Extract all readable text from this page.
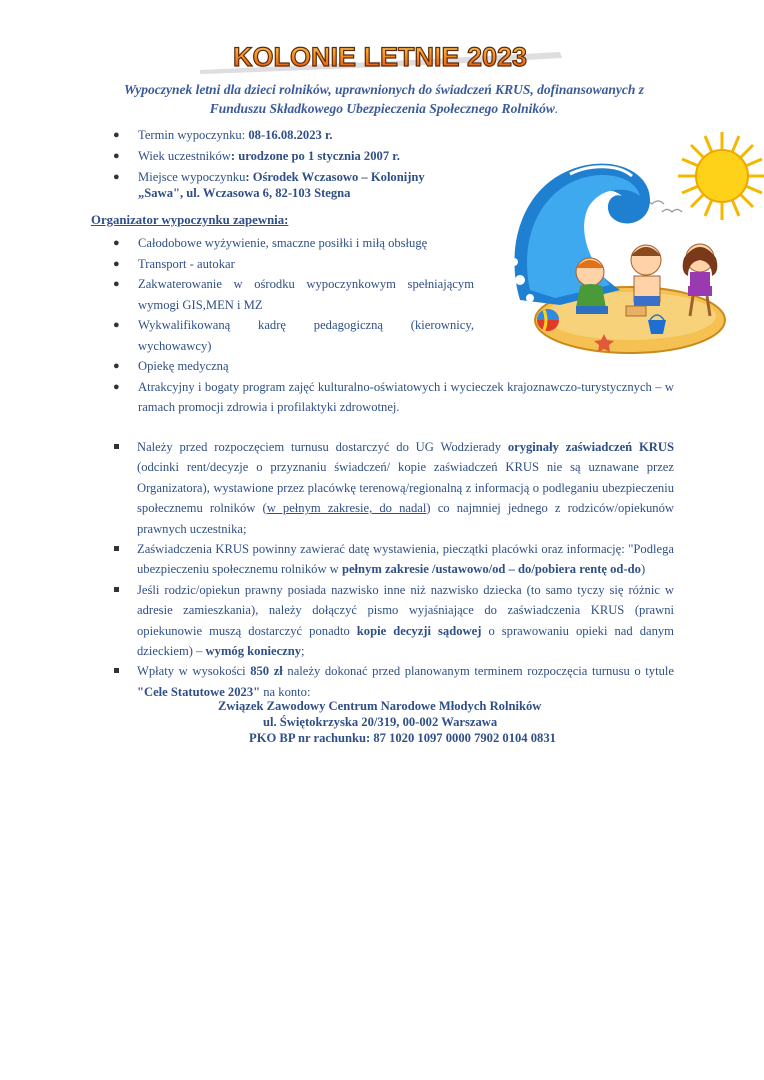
KOLONIE LETNIE 2023
Wypoczynek letni dla dzieci rolników, uprawnionych do świadczeń KRUS, dofinansowanych z Funduszu Składkowego Ubezpieczenia Społecznego Rolników.
● Termin wypoczynku: 08-16.08.2023 r.
● Wiek uczestników: urodzone po 1 stycznia 2007 r.
● Miejsce wypoczynku: Ośrodek Wczasowo – Kolonijny
„Sawa", ul. Wczasowa 6, 82-103 Stegna
Organizator wypoczynku zapewnia:
● Całodobowe wyżywienie, smaczne posiłki i miłą obsługę
● Transport - autokar
● Zakwaterowanie w ośrodku wypoczynkowym spełniającym wymogi GIS,MEN i MZ
● Wykwalifikowaną kadrę pedagogiczną (kierownicy, wychowawcy)
● Opiekę medyczną
● Atrakcyjny i bogaty program zajęć kulturalno-oświatowych i wycieczek krajoznawczo-turystycznych – w ramach promocji zdrowia i profilaktyki zdrowotnej.
Należy przed rozpoczęciem turnusu dostarczyć do UG Wodzierady oryginały zaświadczeń KRUS (odcinki rent/decyzje o przyznaniu świadczeń/ kopie zaświadczeń KRUS nie są uznawane przez Organizatora), wystawione przez placówkę terenową/regionalną z informacją o podleganiu ubezpieczeniu społecznemu rolników (w pełnym zakresie, do nadal) co najmniej jednego z rodziców/opiekunów prawnych uczestnika;
Zaświadczenia KRUS powinny zawierać datę wystawienia, pieczątki placówki oraz informację: "Podlega ubezpieczeniu społecznemu rolników w pełnym zakresie /ustawowo/od – do/pobiera rentę od-do)
Jeśli rodzic/opiekun prawny posiada nazwisko inne niż nazwisko dziecka (to samo tyczy się różnic w adresie zamieszkania), należy dołączyć pismo wyjaśniające do zaświadczenia KRUS (prawni opiekunowie muszą dostarczyć ponadto kopie decyzji sądowej o sprawowaniu opieki nad danym dzieckiem) – wymóg konieczny;
Wpłaty w wysokości 850 zł należy dokonać przed planowanym terminem rozpoczęcia turnusu o tytule "Cele Statutowe 2023" na konto:
Związek Zawodowy Centrum Narodowe Młodych Rolników
ul. Świętokrzyska 20/319, 00-002 Warszawa
PKO BP nr rachunku: 87 1020 1097 0000 7902 0104 0831
